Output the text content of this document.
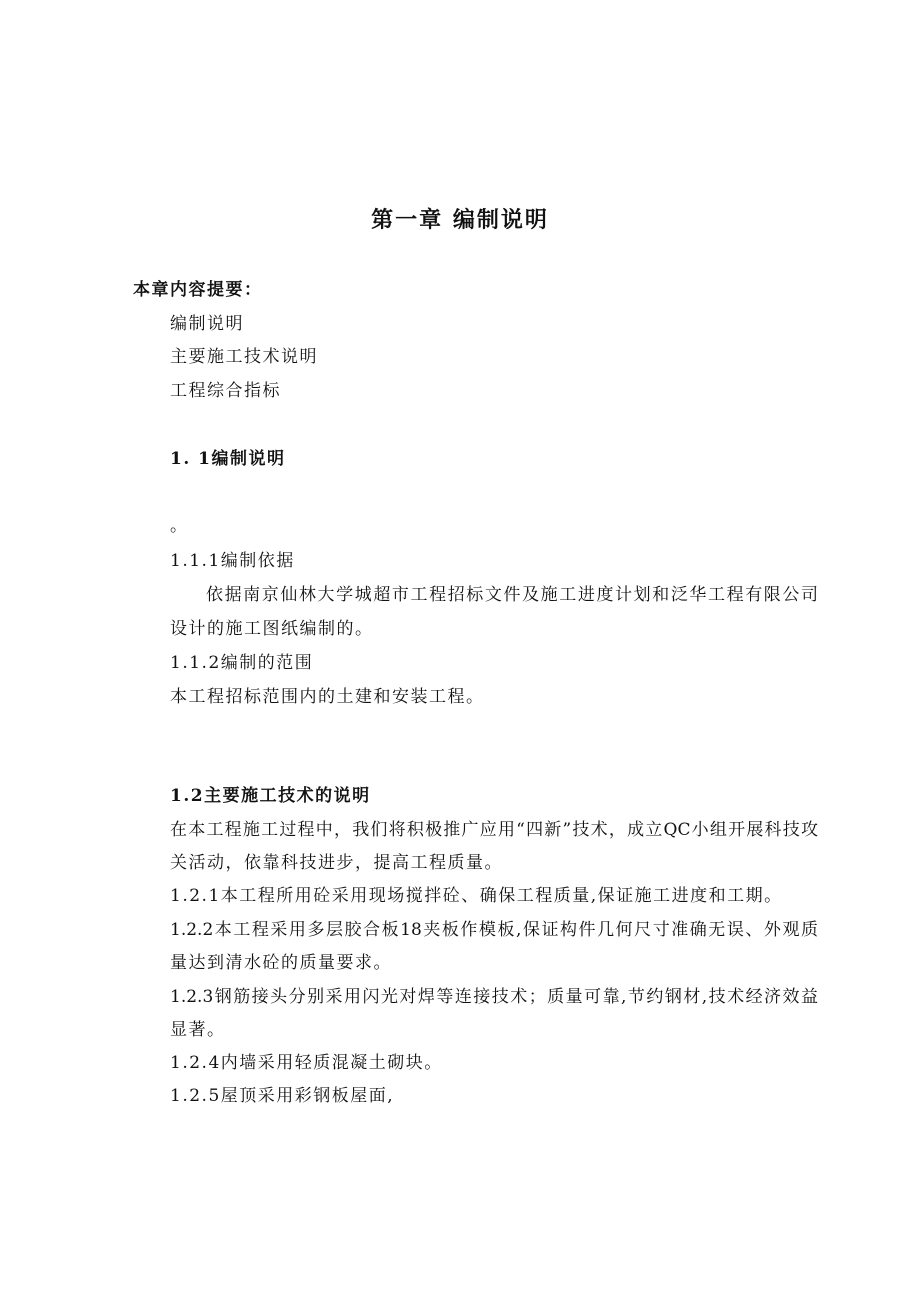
第一章 编制说明
本章内容提要：
编制说明
主要施工技术说明
工程综合指标
1. 1编制说明
。
1.1.1编制依据
依据南京仙林大学城超市工程招标文件及施工进度计划和泛华工程有限公司
设计的施工图纸编制的。
1.1.2编制的范围
本工程招标范围内的土建和安装工程。
1.2主要施工技术的说明
在本工程施工过程中，我们将积极推广应用“四新”技术，成立QC小组开展科技攻
关活动，依靠科技进步，提高工程质量。
1.2.1本工程所用砼采用现场搅拌砼、确保工程质量,保证施工进度和工期。
1.2.2本工程采用多层胶合板18夹板作模板,保证构件几何尺寸准确无误、外观质
量达到清水砼的质量要求。
1.2.3钢筋接头分别采用闪光对焊等连接技术；质量可靠,节约钢材,技术经济效益
显著。
1.2.4内墙采用轻质混凝土砌块。
1.2.5屋顶采用彩钢板屋面,
